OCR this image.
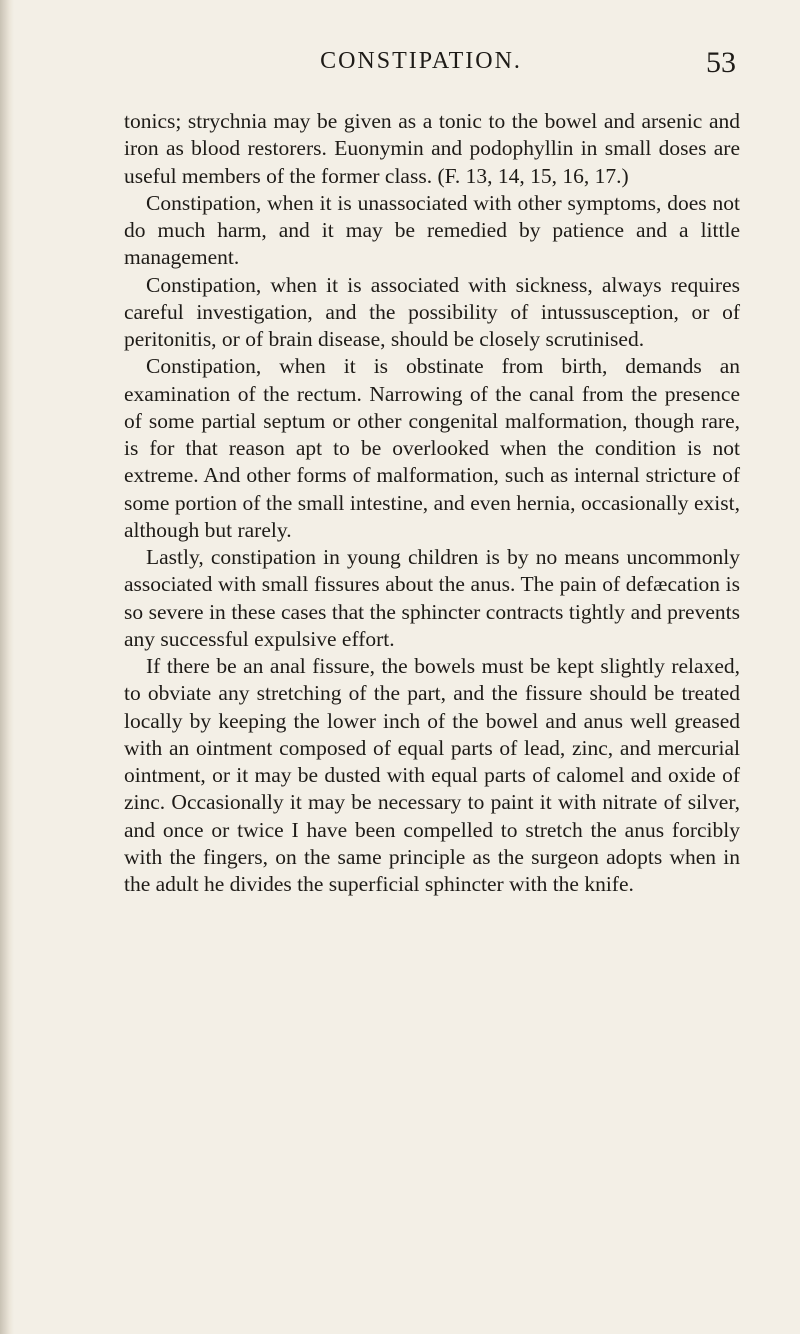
CONSTIPATION.	53

tonics; strychnia may be given as a tonic to the bowel and arsenic and iron as blood restorers. Euonymin and podophyllin in small doses are useful members of the former class. (F. 13, 14, 15, 16, 17.)

Constipation, when it is unassociated with other symptoms, does not do much harm, and it may be remedied by patience and a little management.

Constipation, when it is associated with sickness, always requires careful investigation, and the possibility of intussusception, or of peritonitis, or of brain disease, should be closely scrutinised.

Constipation, when it is obstinate from birth, demands an examination of the rectum. Narrowing of the canal from the presence of some partial septum or other congenital malformation, though rare, is for that reason apt to be overlooked when the condition is not extreme. And other forms of malformation, such as internal stricture of some portion of the small intestine, and even hernia, occasionally exist, although but rarely.

Lastly, constipation in young children is by no means uncommonly associated with small fissures about the anus. The pain of defæcation is so severe in these cases that the sphincter contracts tightly and prevents any successful expulsive effort.

If there be an anal fissure, the bowels must be kept slightly relaxed, to obviate any stretching of the part, and the fissure should be treated locally by keeping the lower inch of the bowel and anus well greased with an ointment composed of equal parts of lead, zinc, and mercurial ointment, or it may be dusted with equal parts of calomel and oxide of zinc. Occasionally it may be necessary to paint it with nitrate of silver, and once or twice I have been compelled to stretch the anus forcibly with the fingers, on the same principle as the surgeon adopts when in the adult he divides the superficial sphincter with the knife.
